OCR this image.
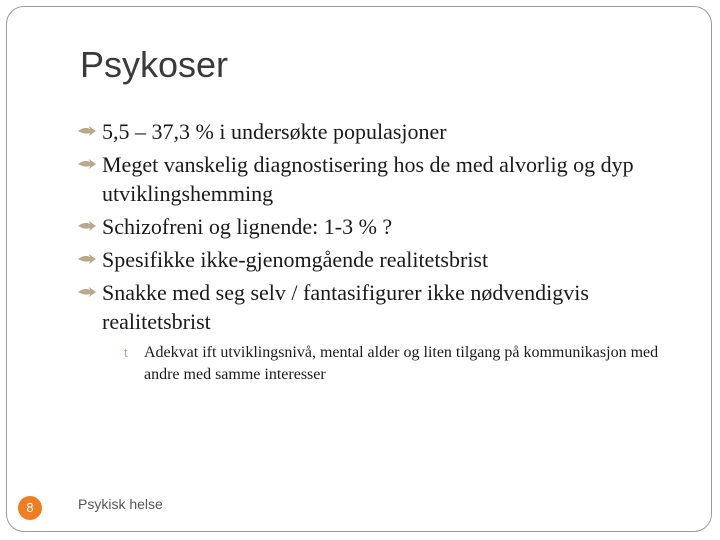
Psykoser
5,5 – 37,3 % i undersøkte populasjoner
Meget vanskelig diagnostisering hos de med alvorlig og dyp utviklingshemming
Schizofreni og lignende: 1-3 % ?
Spesifikke ikke-gjenomgående realitetsbrist
Snakke med seg selv / fantasifigurer ikke nødvendigvis realitetsbrist
t Adekvat ift utviklingsnivå, mental alder og liten tilgang på kommunikasjon med andre med samme interesser
8	Psykisk helse
